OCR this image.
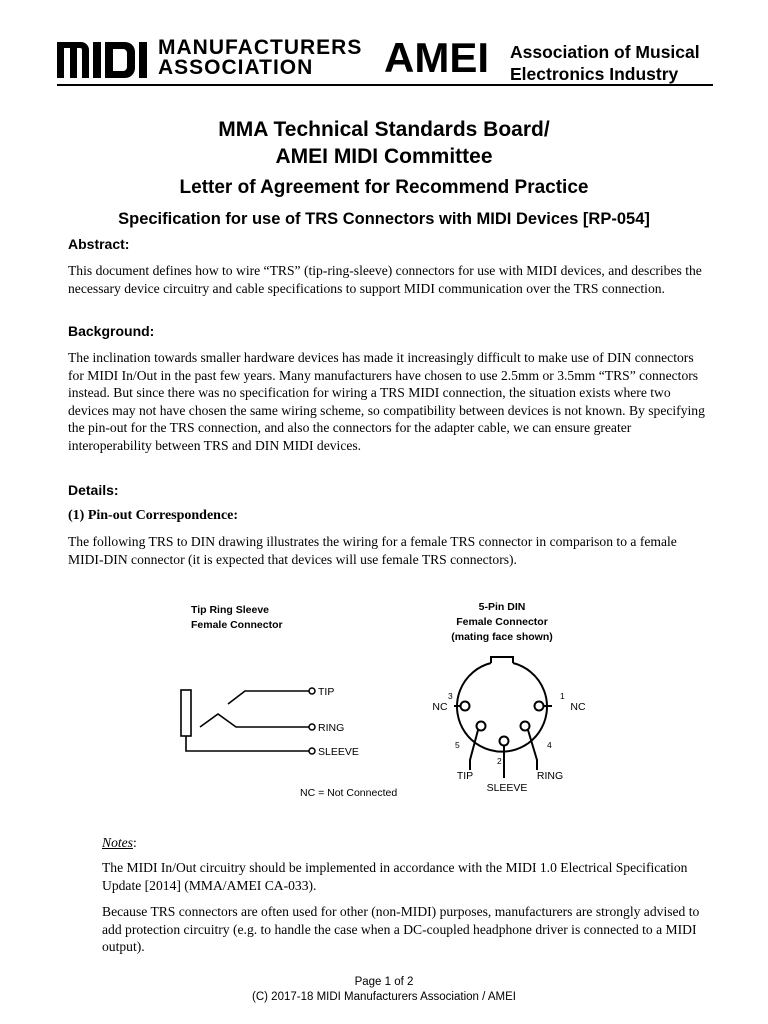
MANUFACTURERS
ASSOCIATION	AMEI Association of Musical
Electronics Industry
MMA Technical Standards Board/
AMEI MIDI Committee
Letter of Agreement for Recommend Practice
Specification for use of TRS Connectors with MIDI Devices [RP-054]
Abstract:
This document defines how to wire “TRS” (tip-ring-sleeve) connectors for use with MIDI devices, and describes the necessary device circuitry and cable specifications to support MIDI communication over the TRS connection.
Background:
The inclination towards smaller hardware devices has made it increasingly difficult to make use of DIN connectors for MIDI In/Out in the past few years. Many manufacturers have chosen to use 2.5mm or 3.5mm “TRS” connectors instead. But since there was no specification for wiring a TRS MIDI connection, the situation exists where two devices may not have chosen the same wiring scheme, so compatibility between devices is not known. By specifying the pin-out for the TRS connection, and also the connectors for the adapter cable, we can ensure greater interoperability between TRS and DIN MIDI devices.
Details:
(1) Pin-out Correspondence:
The following TRS to DIN drawing illustrates the wiring for a female TRS connector in comparison to a female MIDI-DIN connector (it is expected that devices will use female TRS connectors).
Tip Ring Sleeve
Female Connector
TIP
RING
SLEEVE
NC = Not Connected
5-Pin DIN
Female Connector
(mating face shown)
NC	NC
3	1
5	4
2
TIP	RING
SLEEVE
Notes:
The MIDI In/Out circuitry should be implemented in accordance with the MIDI 1.0 Electrical Specification Update [2014] (MMA/AMEI CA-033).
Because TRS connectors are often used for other (non-MIDI) purposes, manufacturers are strongly advised to add protection circuitry (e.g. to handle the case when a DC-coupled headphone driver is connected to a MIDI output).
Page 1 of 2
(C) 2017-18 MIDI Manufacturers Association / AMEI
